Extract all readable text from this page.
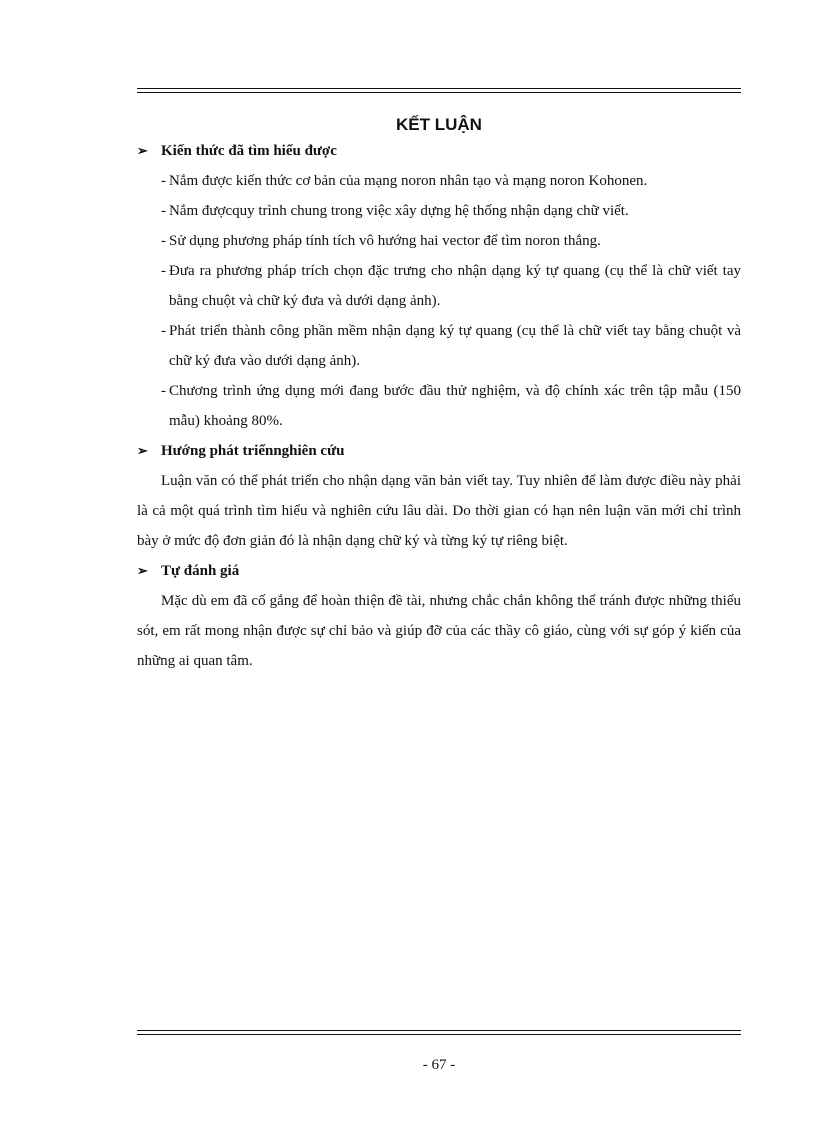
KẾT LUẬN

➢ Kiến thức đã tìm hiểu được

- Nắm được kiến thức cơ bản của mạng noron nhân tạo và mạng noron Kohonen.
- Nắm đượcquy trình chung trong việc xây dựng hệ thống nhận dạng chữ viết.
- Sử dụng phương pháp tính tích vô hướng hai vector để tìm noron thắng.
- Đưa ra phương pháp trích chọn đặc trưng cho nhận dạng ký tự quang (cụ thể là chữ viết tay bằng chuột và chữ ký đưa và dưới dạng ảnh).
- Phát triển thành công phần mềm nhận dạng ký tự quang (cụ thể là chữ viết tay bằng chuột và chữ ký đưa vào dưới dạng ảnh).
- Chương trình ứng dụng mới đang bước đầu thử nghiệm, và độ chính xác trên tập mẫu (150 mẫu) khoảng 80%.

➢ Hướng phát triểnnghiên cứu

Luận văn có thể phát triển cho nhận dạng văn bản viết tay. Tuy nhiên để làm được điều này phải là cả một quá trình tìm hiểu và nghiên cứu lâu dài. Do thời gian có hạn nên luận văn mới chỉ trình bày ở mức độ đơn giản đó là nhận dạng chữ ký và từng ký tự riêng biệt.

➢ Tự đánh giá

Mặc dù em đã cố gắng để hoàn thiện đề tài, nhưng chắc chắn không thể tránh được những thiếu sót, em rất mong nhận được sự chỉ bảo và giúp đỡ của các thầy cô giáo, cùng với sự góp ý kiến của những ai quan tâm.

- 67 -
